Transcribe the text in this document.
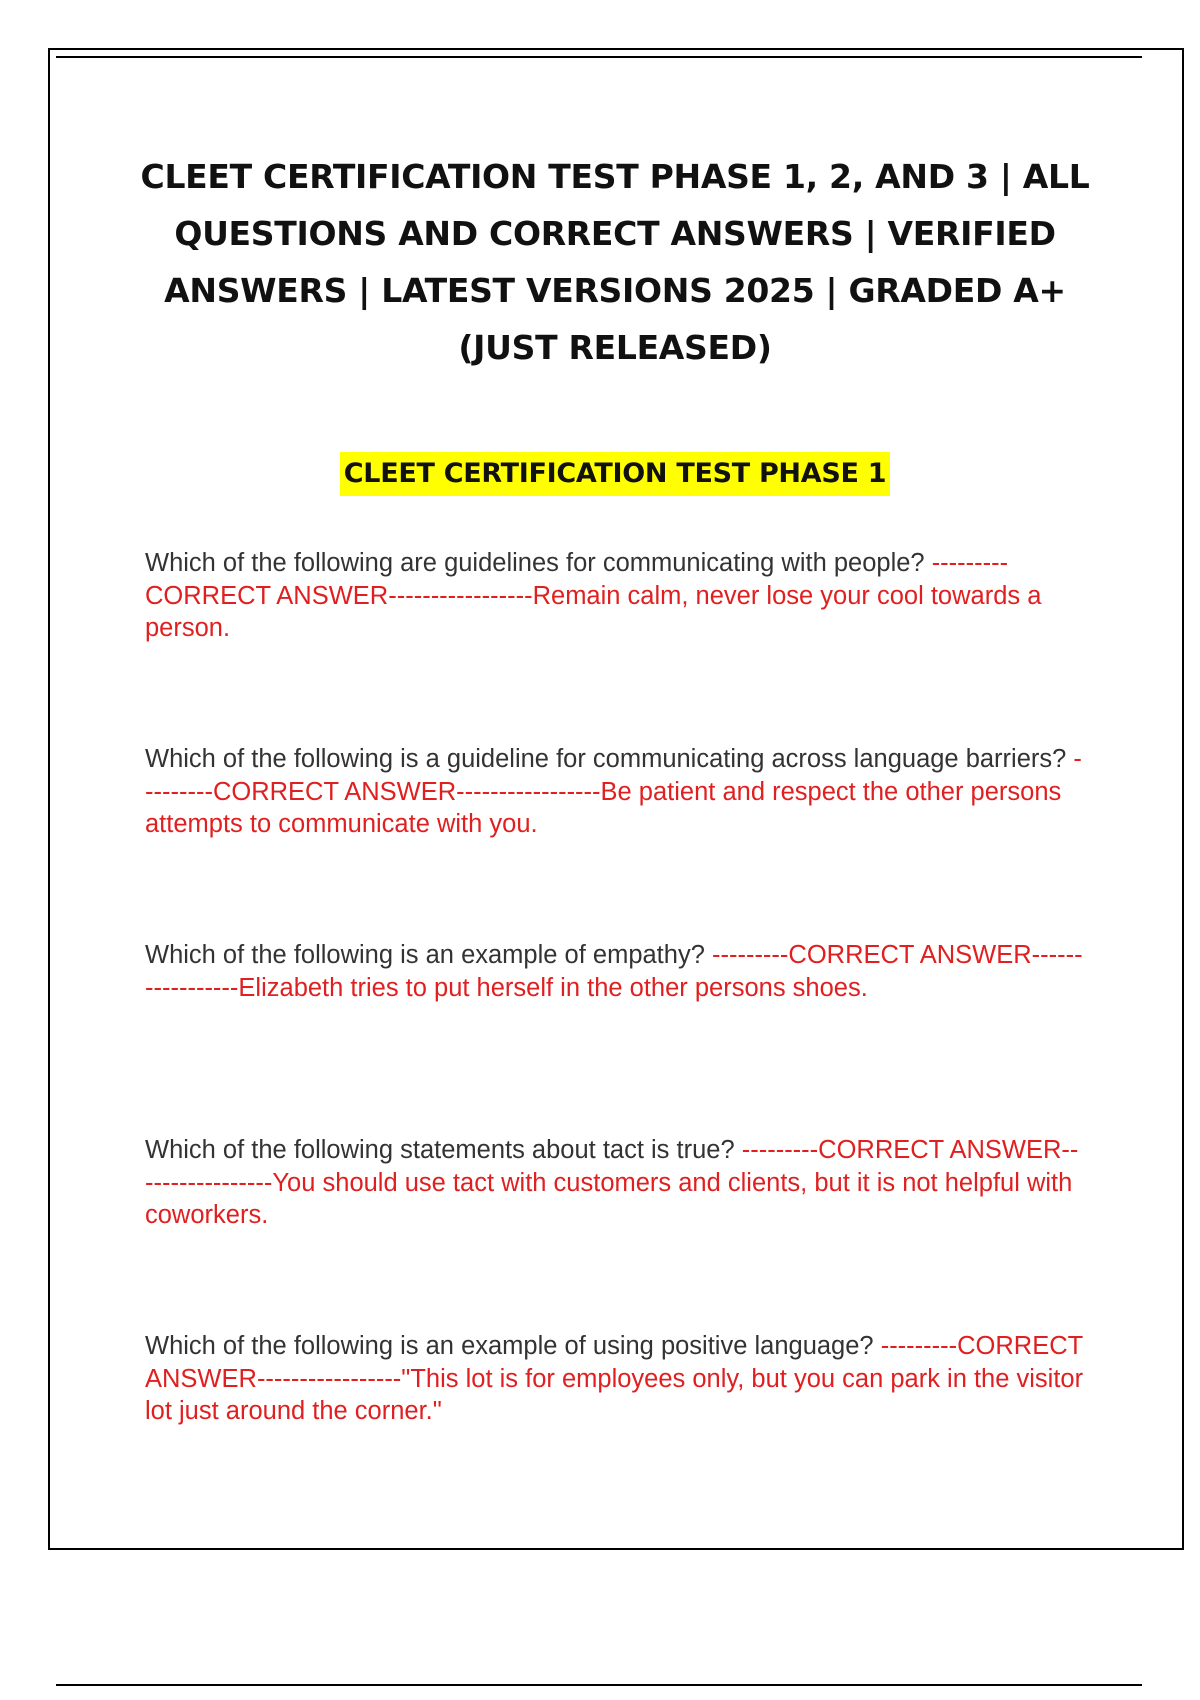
CLEET CERTIFICATION TEST PHASE 1, 2, AND 3 | ALL QUESTIONS AND CORRECT ANSWERS | VERIFIED ANSWERS | LATEST VERSIONS 2025 | GRADED A+ (JUST RELEASED)
CLEET CERTIFICATION TEST PHASE 1

Which of the following are guidelines for communicating with people? ---------CORRECT ANSWER-----------------Remain calm, never lose your cool towards a person.

Which of the following is a guideline for communicating across language barriers? ---------CORRECT ANSWER-----------------Be patient and respect the other persons attempts to communicate with you.

Which of the following is an example of empathy? ---------CORRECT ANSWER-----------------Elizabeth tries to put herself in the other persons shoes.

Which of the following statements about tact is true? ---------CORRECT ANSWER-----------------You should use tact with customers and clients, but it is not helpful with coworkers.

Which of the following is an example of using positive language? ---------CORRECT ANSWER-----------------"This lot is for employees only, but you can park in the visitor lot just around the corner."
